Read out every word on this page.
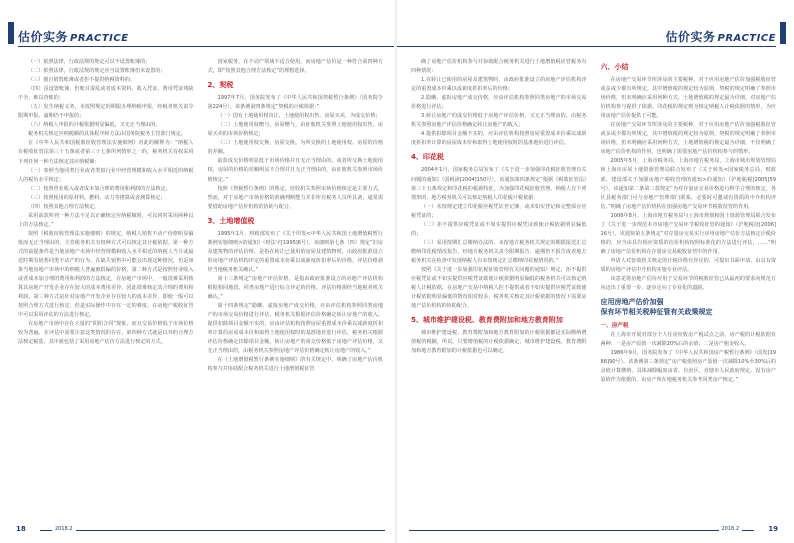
估价实务 PRACTICE
（一）依照法律，行政法规的规定可以不设置账簿的；
（二）依照法律，行政法规的规定应当设置账簿但未设置的；
（三）擅自销毁账簿或者拒不提供纳税资料的；
（四）虽设置账簿，但账目混乱或者成本资料、收入凭证、费用凭证残缺不全，难以查账的；
（五）发生纳税义务，未按照规定的期限办理纳税申报，经税务机关责令限期申报，逾期仍不申报的；
（六）纳税人申报的计税依据明显偏低，又无正当理由的。
税务机关核定应纳税额的具体程序和方法由国务院税务主管部门规定。
在《中华人民共和国税收征收管理法实施细则》对此的解释为：“纳税人有税收征管法第三十五条或者第三十七条所列情形之一的，税务机关有权采用下列任何一种方法核定其应纳税额：
（一）参照当地同类行业或者类似行业中经营规模和收入水平相近的纳税人的税负水平核定；
（二）按照营业收入或者成本加合理的费用和利润的方法核定；
（三）按照耗用的原材料、燃料、动力等推算或者测算核定；
（四）按照其他合理方法核定。
采用前款所列一种方法不足以正确核定应纳税额时，可以同时采用两种以上的方法核定。”
按照《税收征收管理法实施细则》的规定，纳税人销售不动产价格明显偏低而无正当理由的，主管税务机关有权种方式可以核定其计税依据。第一种方式的前提条件是当地房地产市场中经营规模和收入水平相近的纳税人当月或最近时期有销售同类不动产的行为，在缺失销售中可能会出现这种情况，但是如果当地房地产市场中的纳税人普遍被低偏的价格，第二种方式是按照营业收入或者成本加合理的费用和利润的方法核定，在房地产市场中，一般很难采用核算其房地产开发企业存在较大的成本费用差异，因此很难核定其合理的费用和利润，第三种方式是针对房地产开发企业存在较大的成本差异，即使一般可以按照合理方式进行核定，但是实际操作中存在一定的难度，在房地产税收征管中可以采用评估的方法进行核定。
在房地产市场中存在大量的“阴阳合同”现象，而且交易价格低于市场价格较为普遍，在评估中需要注意这类情况的存在，第四种方式就是以外的合理方法核定税基，其中就包括了采用房地产估价方法进行核定的方式。
国家税务，在不动产领域不适合使用。而房地产估价是一种符合第四种方式，即“按照其他合理方法核定”的理想选择。
2、契税
1997年7月，国务院发布了《中华人民共和国契税暂行条例》（国务院令第224号），该条例第四条规定“契税的计税依据：”
（一）国有土地使用权出让、土地使用权出售、房屋买卖，为成交价格；
（二）土地使用权赠与、房屋赠与，由征收机关参照土地使用权出售、房屋买卖的市场价格核定；
（三）土地使用权交换、房屋交换，为所交换的土地使用权、房屋的价格的差额。
前款成交价格明显低于市场价格并且无正当理由的，或者所交换土地使用权、房屋的价格的差额明显不合理并且无正当理由的，由征收机关参照市场价格核定。”
按照《契税暂行条例》的规定，征收机关参照市场价格核定是主要方式，然而，对于房地产市场价格的准确判断能力并非所有税务人员所具备，通常需要借助房地产估价机构的协助与配合。
3、土地增值税
1995年1月，财政部发布了《关于印发<中华人民共和国土地增值税暂行条例实施细则>的通知》（财法字[1995]6号），该细则第七条（四）规定“旧房及建筑物的评估价格，是指在转让已使用的房屋及建筑物时，由政府批准设立的房地产评估机构评定的重置成本价乘以成新度折扣率后的价格，评估价格须经当地税务机关确认。”
第十三条规定“房地产评估价格，是指由政府批准设立的房地产评估机构根据相同地段、同类房地产进行综合评定的价格，评估价格须经当地税务机关确认。”
第十四条规定“隐瞒、虚报房地产成交价格，应由评估机构参照同类房地产的市场交易价格进行评估，税务机关根据评估价格确定转让房地产的收入。提供扣除项目金额不实的，应由评估机构按照房屋重置成本价乘以成新度折扣率计算的房屋成本价和取得土地使用权时的基准地价进行评估，税务机关根据评估价格确定扣除项目金额。转让房地产的成交价格低于房地产评估价格，又无正当理由的，由税务机关参照房地产评估价格确定转让房地产的收入。”
在《土地增值税暂行条例实施细则》的有关规定中，明确了房地产估价机构参与并协助配合税务机关进行土地增值税征管
18	2018.2
估价实务 PRACTICE
确了房地产估价机构参与并协助配合税务机关进行土地增值税征管税务有四种情况：
1.在转让已使用的房屋及建筑物时，由政府批准设立的房地产评估机构评定的重置成本价乘以成新度折扣率后的价格；
2.隐瞒、虚报房地产成交价格，应由评估机构参照同类房地产的市场交易价格进行评估；
3.转让房地产的成交价格低于房地产评估价格，又无正当理由的，由税务机关参照房地产评估价格确定转让房地产的收入；
4.提供扣除项目金额不实的，应由评估机构按照房屋重置成本价乘以成新度折扣率计算的房屋成本价和取得土地使用权时的基准地价进行评估。
4、印花税
2004年1月，国家税务总局发布了《关于进一步加强印花税征收管理有关问题的通知》（国税函[2004]150号），该通知第四条规定“根据《税收征管法》第三十五条规定和印花税的税源特征，为加强印花税征收管理，纳税人有下列情形的，地方税务机关可以核定纳税人印花税计税依据：
（一）未按规定建立印花税应税凭证登记簿，或未如实登记和完整保存应税凭证的；
（二）拒不提供应税凭证或不如实提供应税凭证致使计税依据明显偏低的；
（三）采用按期汇总缴纳办法的，未按地方税务机关规定的期限报送汇总缴纳印花税情况报告，经地方税务机关责令限期报告，逾期仍不报告或者地方税务机关在检查中发现纳税人有未按规定汇总缴纳印花税情况的。”
按照《关于进一步加强印花税征收管理有关问题的通知》规定，拒不提供应税凭证或不如实提供应税凭证致使计税依据明显偏低的税务机关可以核定纳税人计税依据，在房地产交易中纳税人拒不提供或者不如实提供应税凭证致使计税依据明显偏低的情况相对较多，税务机关核定其计税依据的情况下需要房地产估价机构的协助配合。
5、城市维护建设税、教育费附加和地方教育附加
城市维护建设税、教育费附加和地方教育附加的计税依据都是实际缴纳增值税的税额，所以，只要增值税的计税依据确定，城市维护建设税、教育费附加和地方教育附加的计税依据也可以确定。
六、小结
在房地产交易环节所涉及的主要税种，对于应用房地产估价加强税收征管或多或少都有所规定，其中增值税的规定较为原则，契税的规定明确了参照市场价格，但未明确应采用何种方式，土地增值税的规定最为详细，对房地产估价机构参与提供了依据，印花税的规定则为核定纳税人计税依据的情形，为应用房地产估价提供了可能。
在房地产交易环节所涉及的主要税种，对于应用房地产估价加强税收征管或多或少都有所规定，其中增值税的规定较为原则，契税的规定明确了参照市场价格，但未明确应采用何种方式，土地增值税的规定最为详细，不仅明确了房地产估价机构的作用，也明确了需要房地产估价机构参与的情形。
2005年5月，上海市税务局、上海市地方税务局，上海市城市规划管理局和上海市房屋土地资源管理局联合发布了《关于转发<国家税务总局、财政部、建设部关于加强房地产税收管理的通知>的通知》（沪地税税[2005]59号），该通知第二条第三款规定“为对存量房交易价格进行科学合理的核定，各区县税务部门可与房地产管理部门联系，必要时可邀请有资质的中介机构评估。”明确了房地产估价机构在加强房地产交易环节税收征管的作用。
2006年8月，上海市地方税务局与上海市规划和国土资源管理局联合发布了《关于进一步规范本市房地产交易环节税收征管的通知》（沪地税征[2006]16号），该通知第五条规定“对存量房交易实行应用房地产估价方法核定计税价格的，应当由具有相应资质的估价机构按照标准化的方法进行评估，……”明确了房地产估价机构在存量房交易税收征管中的作用。
申请人对征收机关核定的计税价格有异议的，可提出书面申请，由具有资质的房地产评估中介机构实施专业评估。
该意见将房地产估价应用于交易环节的税收征管已从最初的要求向规范方向迈出了重要一步，逐步走向了专业化的道路。
应用房地产估价加强
保有环节相关税种征管有关政策规定
一、房产税
在上海市开展对部分个人住房征收房产税试点之前，房产税的计税依据有两种：一是房产原值一次减除20%后的余值；二是房产租金收入。
1986年9月，国务院发布了《中华人民共和国房产税暂行条例》（国发[1986]90号），该条例第三条规定“房产税依照房产原值一次减除10%至30%后的余值计算缴纳，具体减除幅度由省、自治区、直辖市人民政府规定。没有房产原值作为依据的，由房产所在地税务机关参考同类房产核定。”
2018.2	19
